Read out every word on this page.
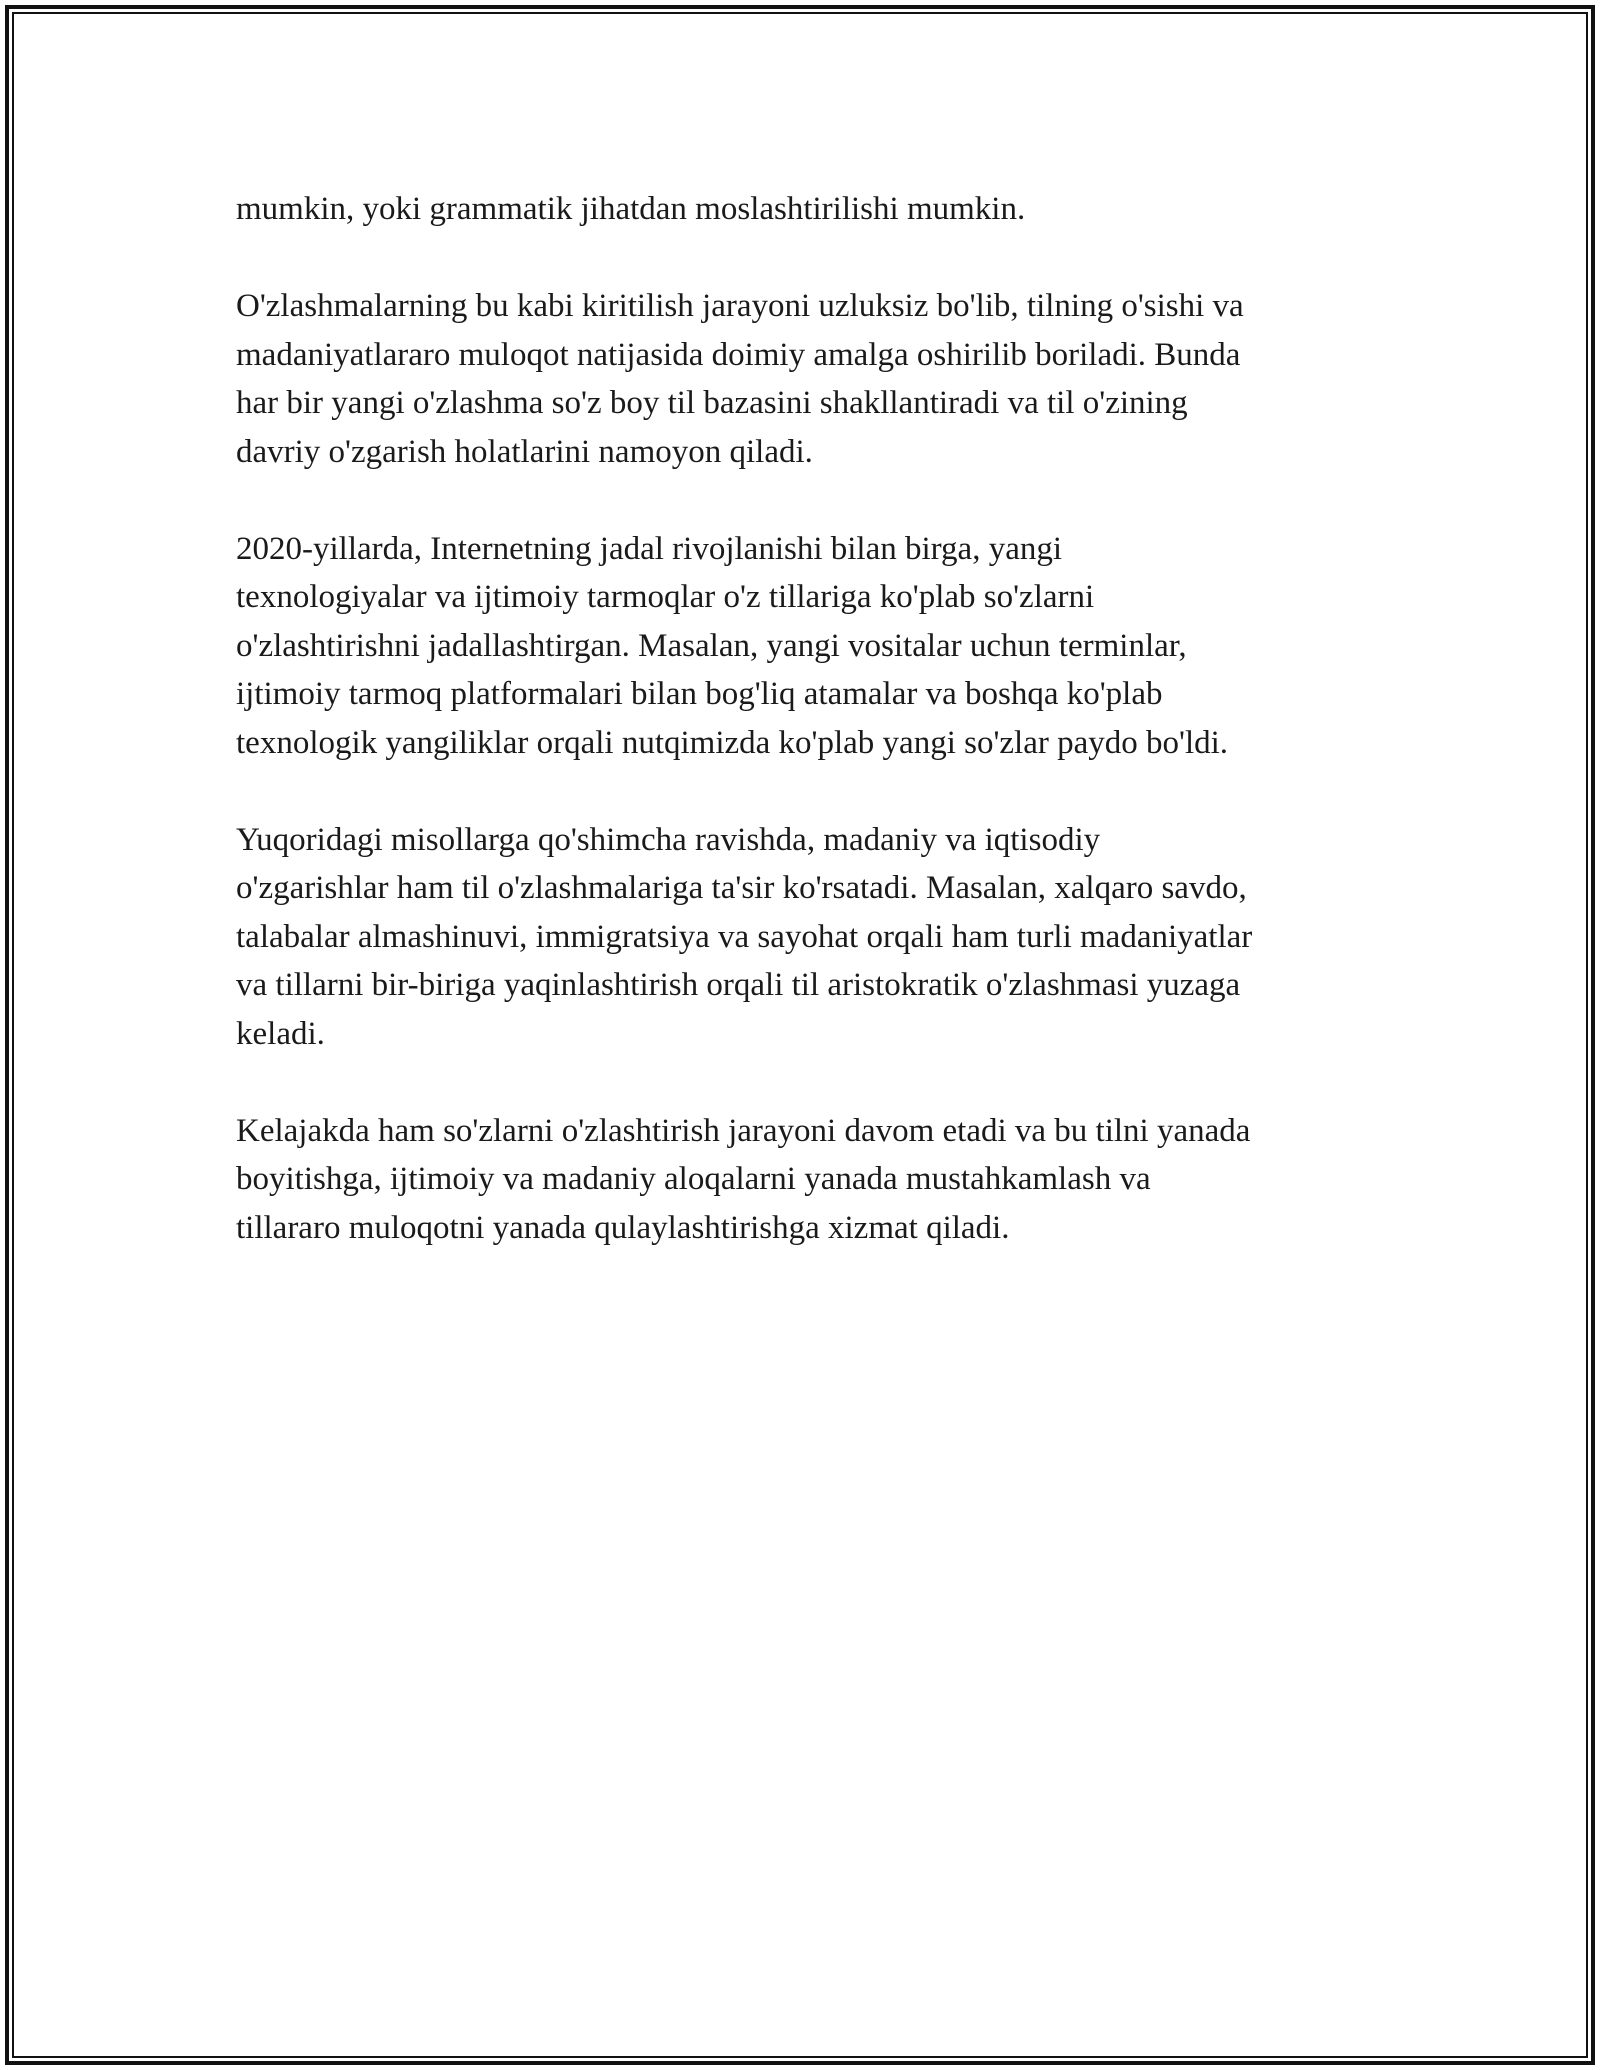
mumkin, yoki grammatik jihatdan moslashtirilishi mumkin.

O'zlashmalarning bu kabi kiritilish jarayoni uzluksiz bo'lib, tilning o'sishi va
madaniyatlararo muloqot natijasida doimiy amalga oshirilib boriladi. Bunda
har bir yangi o'zlashma so'z boy til bazasini shakllantiradi va til o'zining
davriy o'zgarish holatlarini namoyon qiladi.

2020-yillarda, Internetning jadal rivojlanishi bilan birga, yangi
texnologiyalar va ijtimoiy tarmoqlar o'z tillariga ko'plab so'zlarni
o'zlashtirishni jadallashtirgan. Masalan, yangi vositalar uchun terminlar,
ijtimoiy tarmoq platformalari bilan bog'liq atamalar va boshqa ko'plab
texnologik yangiliklar orqali nutqimizda ko'plab yangi so'zlar paydo bo'ldi.

Yuqoridagi misollarga qo'shimcha ravishda, madaniy va iqtisodiy
o'zgarishlar ham til o'zlashmalariga ta'sir ko'rsatadi. Masalan, xalqaro savdo,
talabalar almashinuvi, immigratsiya va sayohat orqali ham turli madaniyatlar
va tillarni bir-biriga yaqinlashtirish orqali til aristokratik o'zlashmasi yuzaga
keladi.

Kelajakda ham so'zlarni o'zlashtirish jarayoni davom etadi va bu tilni yanada
boyitishga, ijtimoiy va madaniy aloqalarni yanada mustahkamlash va
tillararo muloqotni yanada qulaylashtirishga xizmat qiladi.
